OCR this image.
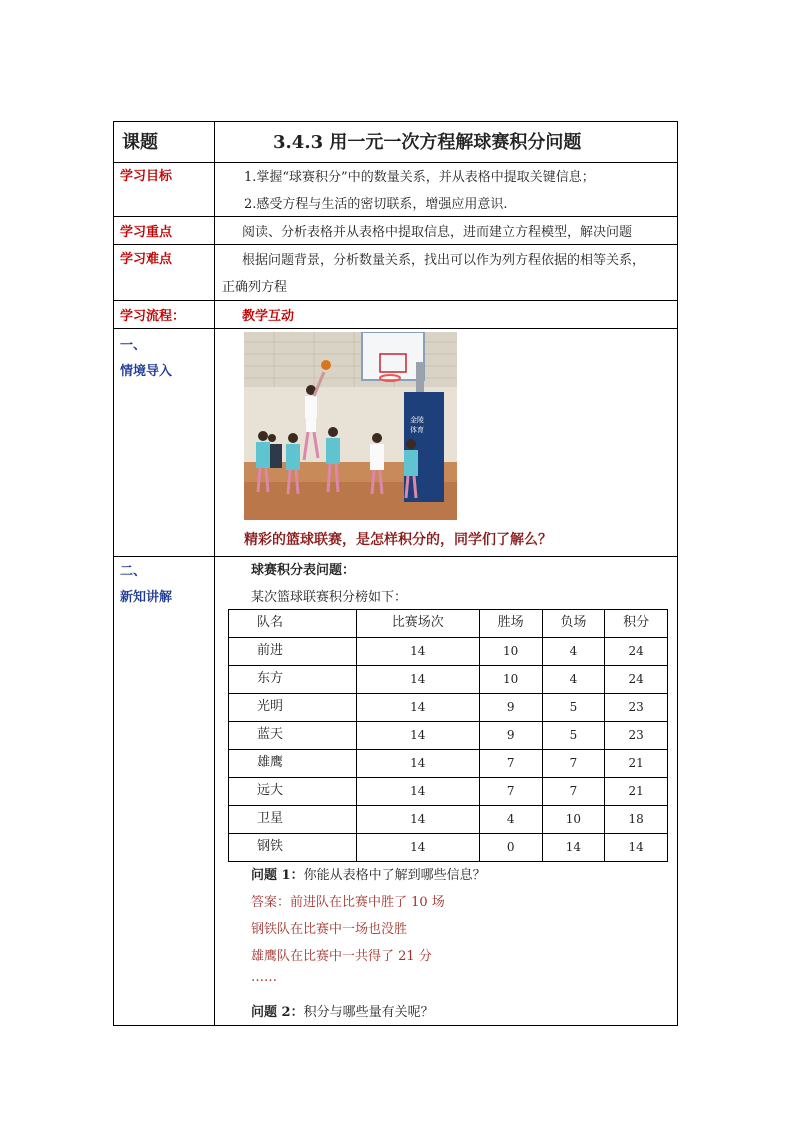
课题	3.4.3 用一元一次方程解球赛积分问题
学习目标	1.掌握“球赛积分”中的数量关系，并从表格中提取关键信息；
2.感受方程与生活的密切联系，增强应用意识.
学习重点	阅读、分析表格并从表格中提取信息，进而建立方程模型，解决问题
学习难点	根据问题背景，分析数量关系，找出可以作为列方程依据的相等关系，
正确列方程
学习流程：	教学互动
一、
情境导入
金陵
体育
精彩的篮球联赛，是怎样积分的，同学们了解么？
二、
新知讲解
球赛积分表问题：
某次篮球联赛积分榜如下：
队名	比赛场次	胜场	负场	积分
前进	14	10	4	24
东方	14	10	4	24
光明	14	9	5	23
蓝天	14	9	5	23
雄鹰	14	7	7	21
远大	14	7	7	21
卫星	14	4	10	18
钢铁	14	0	14	14
问题 1：你能从表格中了解到哪些信息？
答案：前进队在比赛中胜了 10 场
钢铁队在比赛中一场也没胜
雄鹰队在比赛中一共得了 21 分
……
问题 2：积分与哪些量有关呢？
